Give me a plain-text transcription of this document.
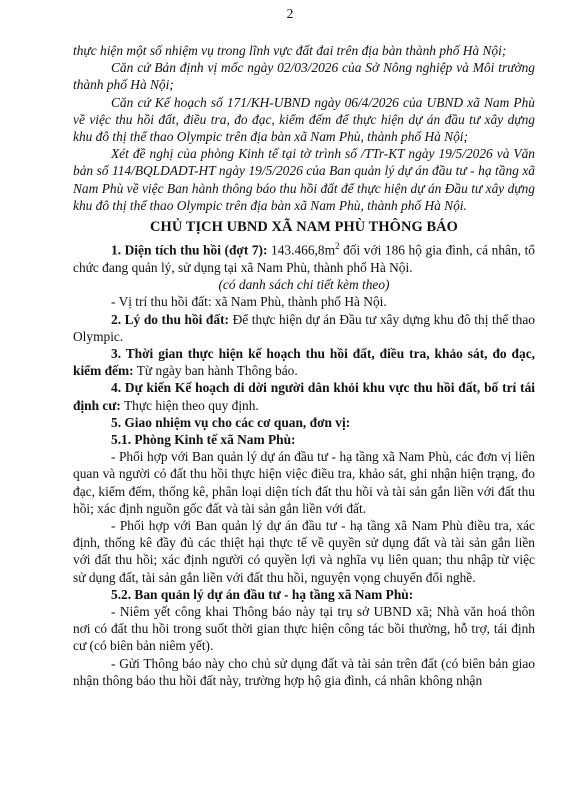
2

thực hiện một số nhiệm vụ trong lĩnh vực đất đai trên địa bàn thành phố Hà Nội;

Căn cứ Bản định vị mốc ngày 02/03/2026 của Sở Nông nghiệp và Môi trường thành phố Hà Nội;

Căn cứ Kế hoạch số 171/KH-UBND ngày 06/4/2026 của UBND xã Nam Phù về việc thu hồi đất, điều tra, đo đạc, kiểm đếm để thực hiện dự án đầu tư xây dựng khu đô thị thể thao Olympic trên địa bàn xã Nam Phù, thành phố Hà Nội;

Xét đề nghị của phòng Kinh tế tại tờ trình số /TTr-KT ngày 19/5/2026 và Văn bản số 114/BQLDADT-HT ngày 19/5/2026 của Ban quản lý dự án đầu tư - hạ tầng xã Nam Phù về việc Ban hành thông báo thu hồi đất để thực hiện dự án Đầu tư xây dựng khu đô thị thể thao Olympic trên địa bàn xã Nam Phù, thành phố Hà Nội.

CHỦ TỊCH UBND XÃ NAM PHÙ THÔNG BÁO

1. Diện tích thu hồi (đợt 7): $143.466,8m^2$ đối với 186 hộ gia đình, cá nhân, tổ chức đang quản lý, sử dụng tại xã Nam Phù, thành phố Hà Nội.

(có danh sách chi tiết kèm theo)

- Vị trí thu hồi đất: xã Nam Phù, thành phố Hà Nội.

2. Lý do thu hồi đất: Để thực hiện dự án Đầu tư xây dựng khu đô thị thể thao Olympic.

3. Thời gian thực hiện kế hoạch thu hồi đất, điều tra, khảo sát, đo đạc, kiểm đếm: Từ ngày ban hành Thông báo.

4. Dự kiến Kế hoạch di dời người dân khỏi khu vực thu hồi đất, bố trí tái định cư: Thực hiện theo quy định.

5. Giao nhiệm vụ cho các cơ quan, đơn vị:

5.1. Phòng Kinh tế xã Nam Phù:

- Phối hợp với Ban quản lý dự án đầu tư - hạ tầng xã Nam Phù, các đơn vị liên quan và người có đất thu hồi thực hiện việc điều tra, khảo sát, ghi nhận hiện trạng, đo đạc, kiểm đếm, thống kê, phân loại diện tích đất thu hồi và tài sản gắn liền với đất thu hồi; xác định nguồn gốc đất và tài sản gắn liền với đất.

- Phối hợp với Ban quản lý dự án đầu tư - hạ tầng xã Nam Phù điều tra, xác định, thống kê đầy đủ các thiệt hại thực tế về quyền sử dụng đất và tài sản gắn liền với đất thu hồi; xác định người có quyền lợi và nghĩa vụ liên quan; thu nhập từ việc sử dụng đất, tài sản gắn liền với đất thu hồi, nguyện vọng chuyển đổi nghề.

5.2. Ban quản lý dự án đầu tư - hạ tầng xã Nam Phù:

- Niêm yết công khai Thông báo này tại trụ sở UBND xã; Nhà văn hoá thôn nơi có đất thu hồi trong suốt thời gian thực hiện công tác bồi thường, hỗ trợ, tái định cư (có biên bản niêm yết).

- Gửi Thông báo này cho chủ sử dụng đất và tài sản trên đất (có biên bản giao nhận thông báo thu hồi đất này, trường hợp hộ gia đình, cá nhân không nhận
